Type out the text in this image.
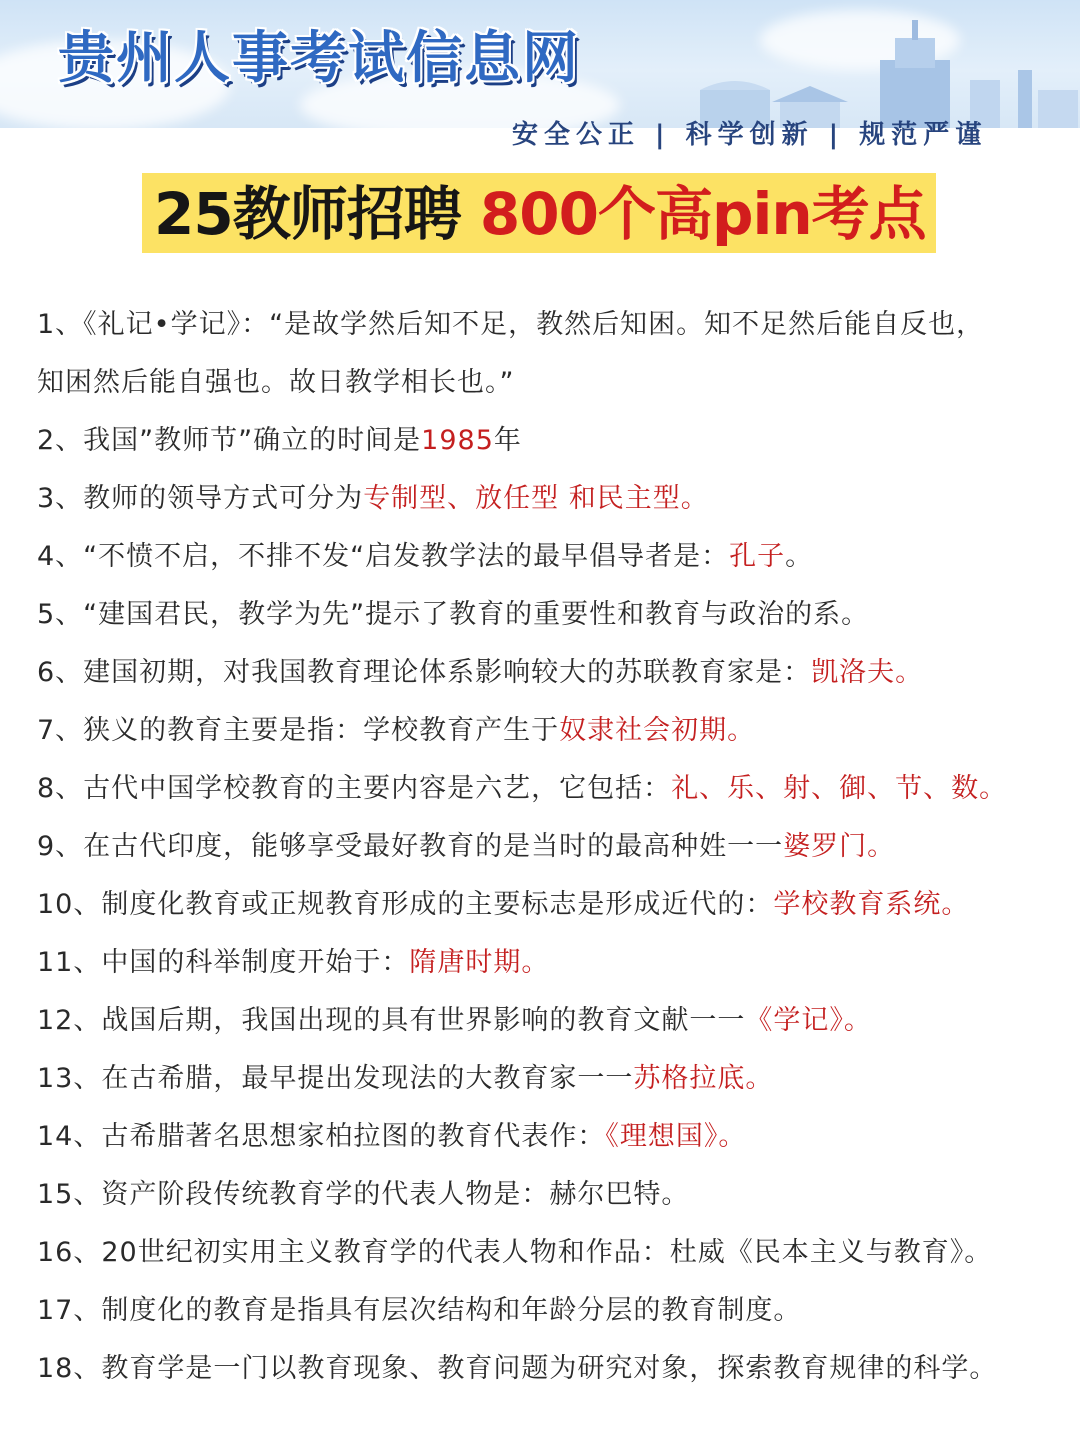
贵州人事考试信息网
安全公正 | 科学创新 | 规范严谨
25教师招聘 800个高pin考点
1、《礼记•学记》：“是故学然后知不足，教然后知困。知不足然后能自反也，知困然后能自强也。故日教学相长也。”
2、我国”教师节”确立的时间是1985年
3、教师的领导方式可分为专制型、放任型 和民主型。
4、“不愤不启，不排不发“启发教学法的最早倡导者是：孔子。
5、“建国君民，教学为先”提示了教育的重要性和教育与政治的系。
6、建国初期，对我国教育理论体系影响较大的苏联教育家是：凯洛夫。
7、狭义的教育主要是指：学校教育产生于奴隶社会初期。
8、古代中国学校教育的主要内容是六艺，它包括：礼、乐、射、御、节、数。
9、在古代印度，能够享受最好教育的是当时的最高种姓一一婆罗门。
10、制度化教育或正规教育形成的主要标志是形成近代的：学校教育系统。
11、中国的科举制度开始于：隋唐时期。
12、战国后期，我国出现的具有世界影响的教育文献一一《学记》。
13、在古希腊，最早提出发现法的大教育家一一苏格拉底。
14、古希腊著名思想家柏拉图的教育代表作：《理想国》。
15、资产阶段传统教育学的代表人物是：赫尔巴特。
16、20世纪初实用主义教育学的代表人物和作品：杜威《民本主义与教育》。
17、制度化的教育是指具有层次结构和年龄分层的教育制度。
18、教育学是一门以教育现象、教育问题为研究对象，探索教育规律的科学。
